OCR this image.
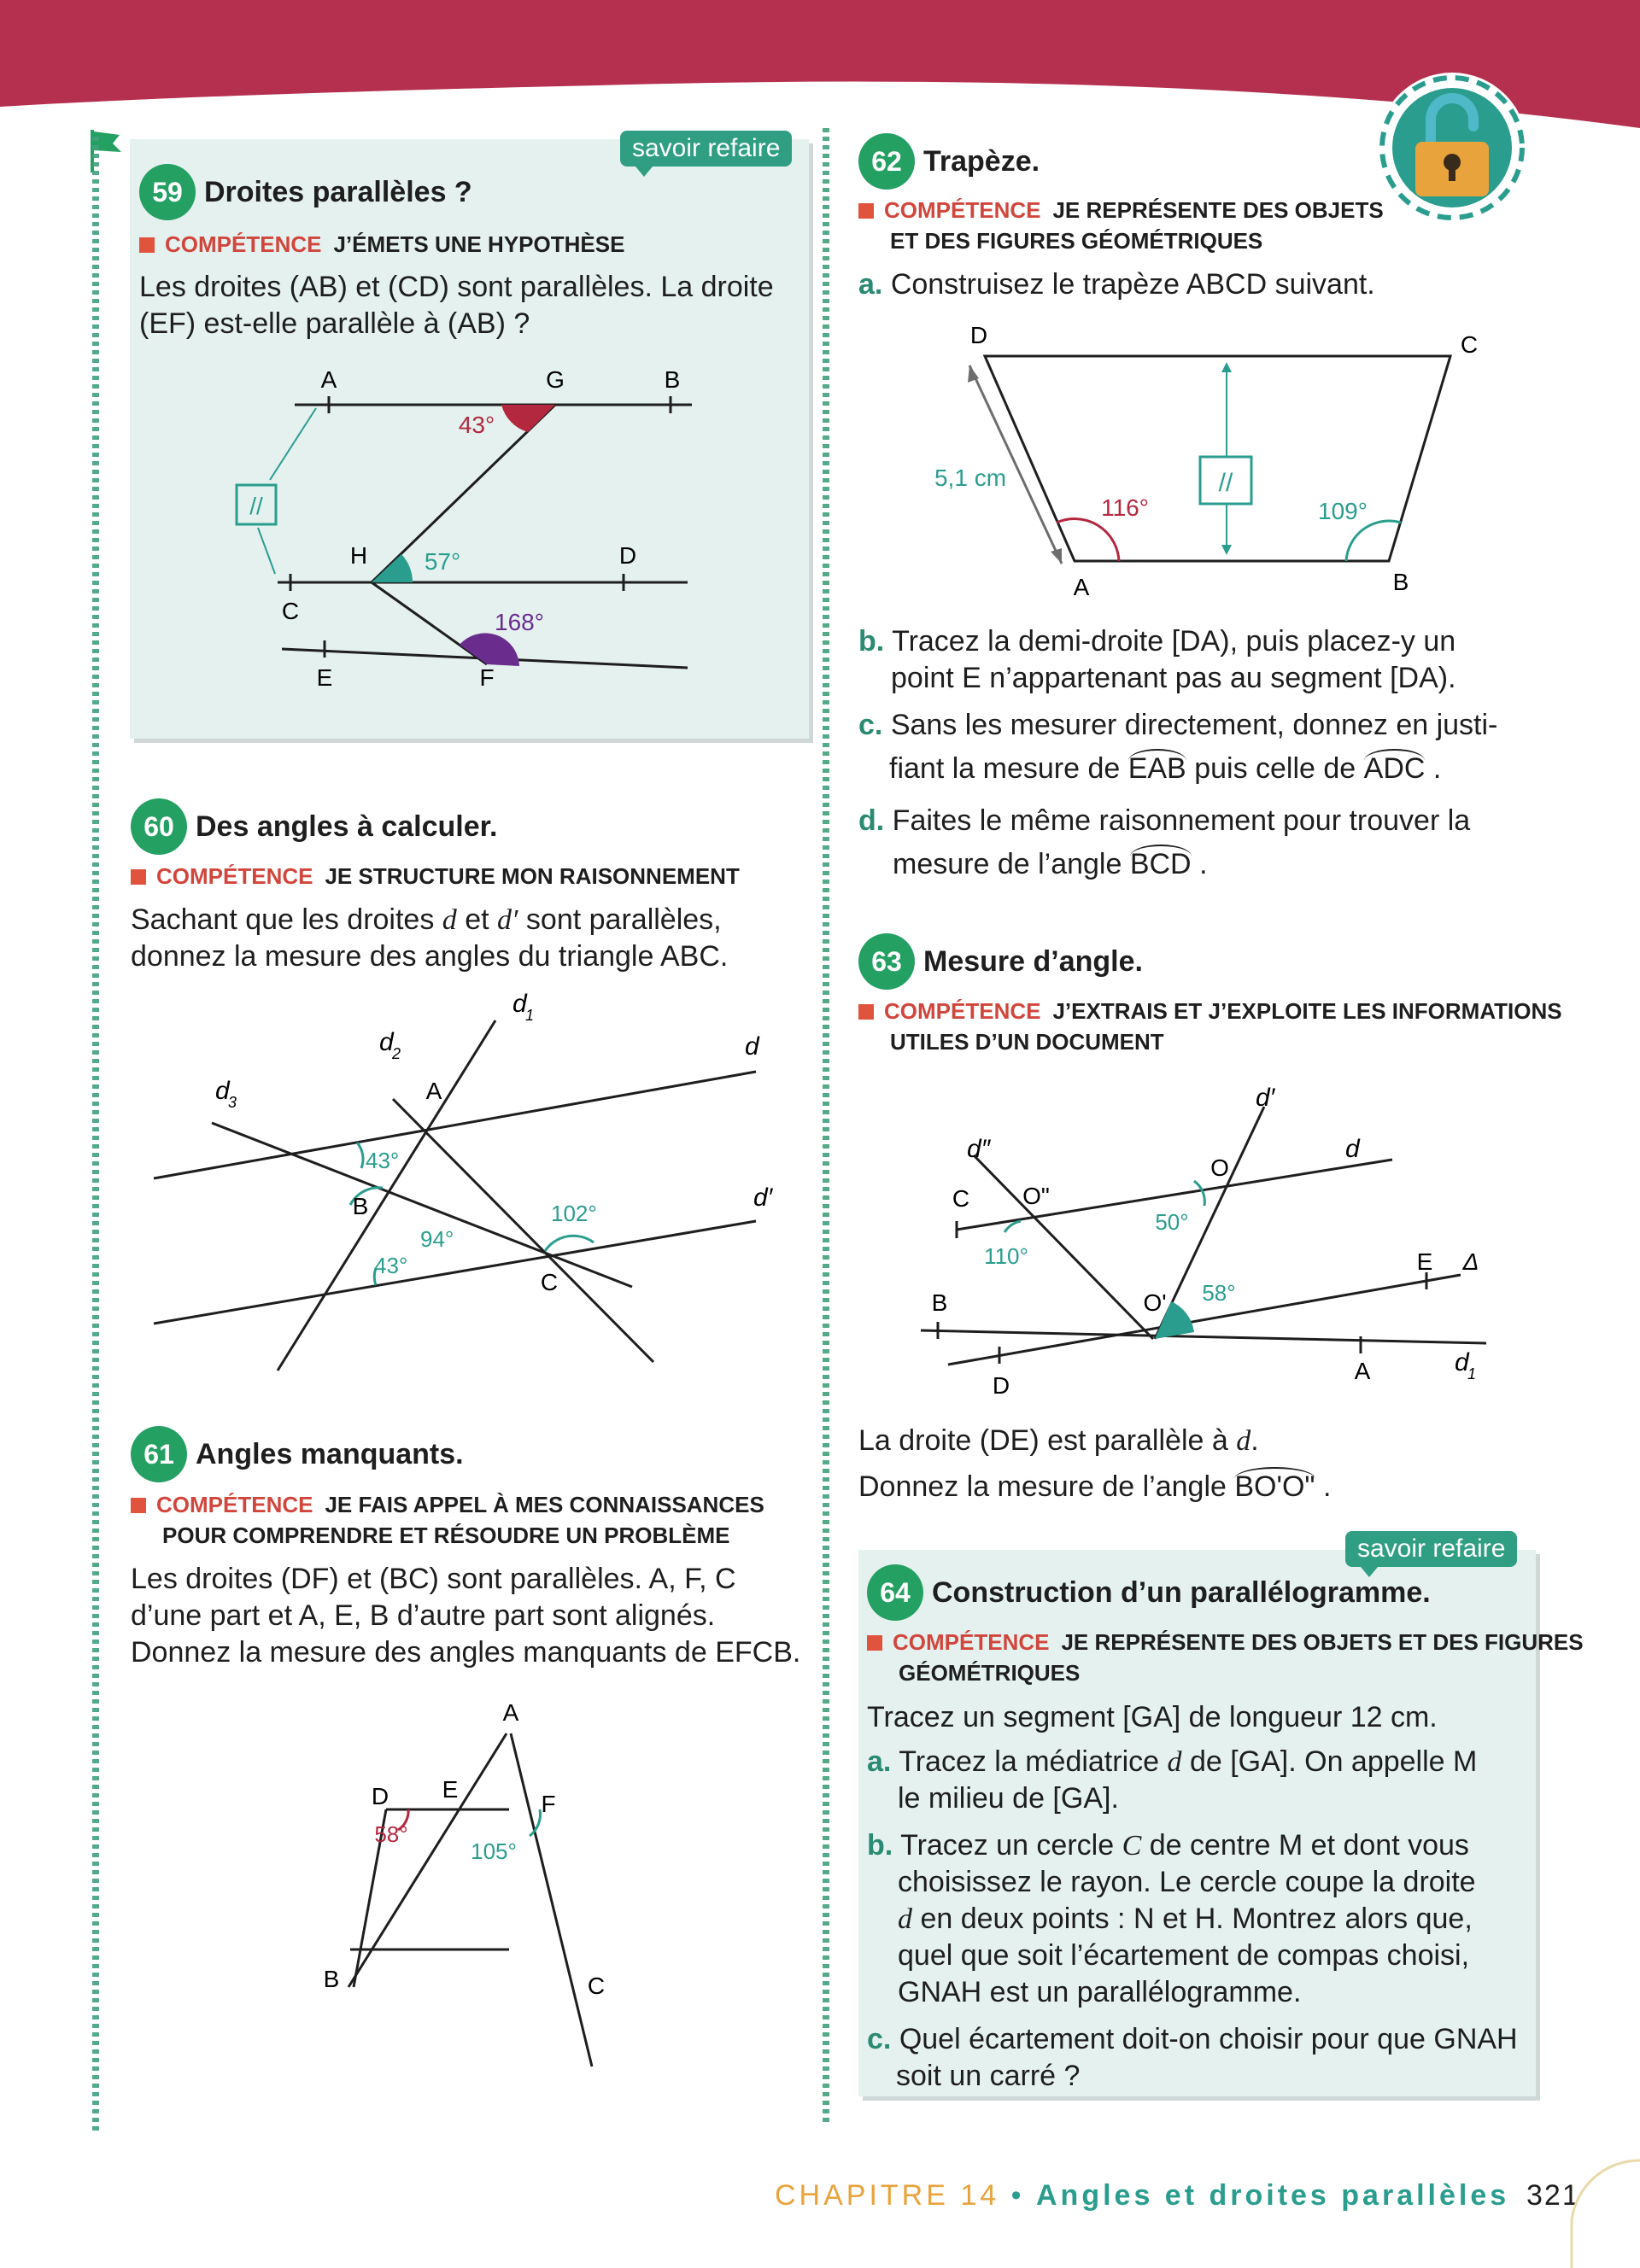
savoir refaire
59 Droites parallèles ?
COMPÉTENCE J’ÉMETS UNE HYPOTHÈSE
Les droites (AB) et (CD) sont parallèles. La droite
(EF) est-elle parallèle à (AB) ?
//
A	G	B
H	D
C
E	F
43°
57°
168°
60 Des angles à calculer.
COMPÉTENCE JE STRUCTURE MON RAISONNEMENT
Sachant que les droites d et d′ sont parallèles,
donnez la mesure des angles du triangle ABC.
d
1
d
2
d
3
d
d′
A
B
C
43°
94°
43°
102°
61 Angles manquants.
COMPÉTENCE JE FAIS APPEL À MES CONNAISSANCES
POUR COMPRENDRE ET RÉSOUDRE UN PROBLÈME
Les droites (DF) et (BC) sont parallèles. A, F, C
d’une part et A, E, B d’autre part sont alignés.
Donnez la mesure des angles manquants de EFCB.
A
D E
F
B	C
58°
105°
62 Trapèze.
COMPÉTENCE JE REPRÉSENTE DES OBJETS
ET DES FIGURES GÉOMÉTRIQUES
a. Construisez le trapèze ABCD suivant.
//
D	C
A	B
5,1 cm
116°	109°
b. Tracez la demi-droite [DA), puis placez-y un
point E n’appartenant pas au segment [DA).
c. Sans les mesurer directement, donnez en justi-
fiant la mesure de EAB puis celle de ADC .
d. Faites le même raisonnement pour trouver la
mesure de l’angle BCD .
63 Mesure d’angle.
COMPÉTENCE J’EXTRAIS ET J’EXPLOITE LES INFORMATIONS
UTILES D’UN DOCUMENT
d′
d″	d
C O"
O
50°
110°
B	O' 58°
E Δ
D
A	d
1
La droite (DE) est parallèle à d.
Donnez la mesure de l’angle BO'O" .
savoir refaire
64 Construction d’un parallélogramme.
COMPÉTENCE JE REPRÉSENTE DES OBJETS ET DES FIGURES
GÉOMÉTRIQUES
Tracez un segment [GA] de longueur 12 cm.
a. Tracez la médiatrice d de [GA]. On appelle M
le milieu de [GA].
b. Tracez un cercle C de centre M et dont vous
choisissez le rayon. Le cercle coupe la droite
d en deux points : N et H. Montrez alors que,
quel que soit l’écartement de compas choisi,
GNAH est un parallélogramme.
c. Quel écartement doit-on choisir pour que GNAH
soit un carré ?
CHAPITRE 14 • Angles et droites parallèles 321
